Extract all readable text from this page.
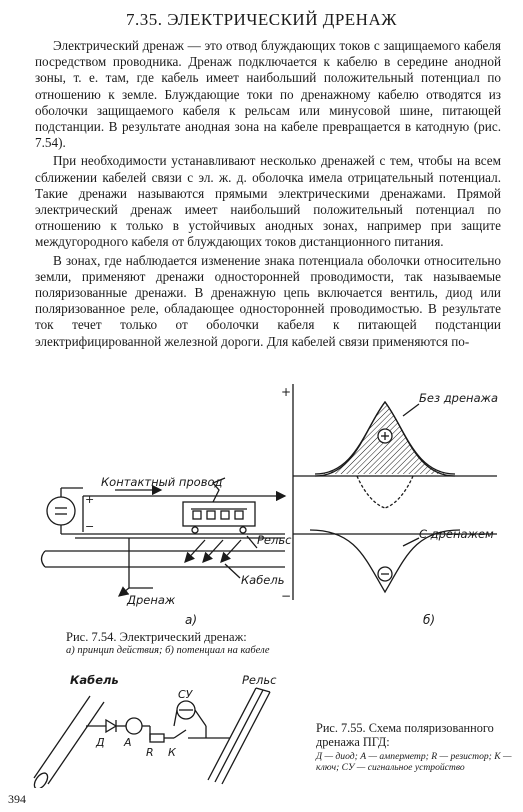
7.35. ЭЛЕКТРИЧЕСКИЙ ДРЕНАЖ

Электрический дренаж — это отвод блуждающих токов с защищаемого кабеля посредством проводника. Дренаж подключается к кабелю в середине анодной зоны, т. е. там, где кабель имеет наибольший положительный потенциал по отношению к земле. Блуждающие токи по дренажному кабелю отводятся из оболочки защищаемого кабеля к рельсам или минусовой шине, питающей подстанции. В результате анодная зона на кабеле превращается в катодную (рис. 7.54).

При необходимости устанавливают несколько дренажей с тем, чтобы на всем сближении кабелей связи с эл. ж. д. оболочка имела отрицательный потенциал. Такие дренажи называются прямыми электрическими дренажами. Прямой электрический дренаж имеет наибольший положительный потенциал по отношению к только в устойчивых анодных зонах, например при защите междугородного кабеля от блуждающих токов дистанционного питания.

В зонах, где наблюдается изменение знака потенциала оболочки относительно земли, применяют дренажи односторонней проводимости, так называемые поляризованные дренажи. В дренажную цепь включается вентиль, диод или поляризованное реле, обладающее односторонней проводимостью. В результате ток течет только от оболочки кабеля к питающей подстанции электрифицированной железной дороги. Для кабелей связи применяются по-

Контактный провод
Рельс
Кабель
Дренаж
+
−
а)
Без дренажа
С дренажем
+
−
б)
Рис. 7.54. Электрический дренаж:
а) принцип действия; б) потенциал на кабеле
Кабель	Рельс
СУ
Д А
R К
Рис. 7.55. Схема поляризованного дренажа ПГД:
Д — диод; А — амперметр; R — резистор; К — ключ; СУ — сигнальное устройство
394
